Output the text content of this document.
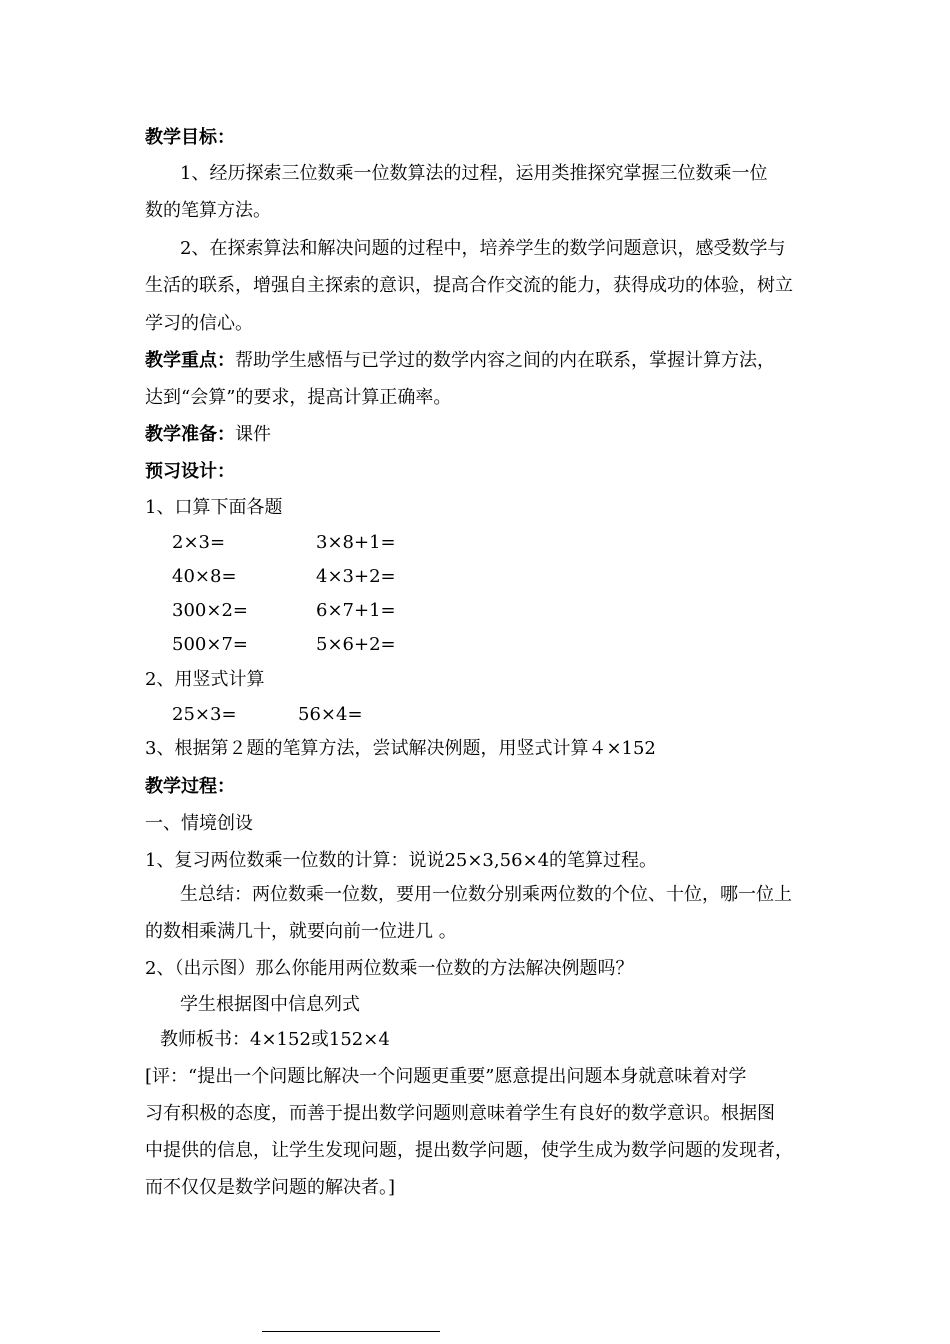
教学目标：
1、经历探索三位数乘一位数算法的过程，运用类推探究掌握三位数乘一位
数的笔算方法。
2、在探索算法和解决问题的过程中，培养学生的数学问题意识，感受数学与
生活的联系，增强自主探索的意识，提高合作交流的能力，获得成功的体验，树立
学习的信心。
教学重点：帮助学生感悟与已学过的数学内容之间的内在联系，掌握计算方法，
达到“会算”的要求，提高计算正确率。
教学准备：课件
预习设计：
1、口算下面各题
2×3=	3×8+1=
40×8=	4×3+2=
300×2=	6×7+1=
500×7=	5×6+2=
2、用竖式计算
25×3=	56×4=
3、根据第２题的笔算方法，尝试解决例题，用竖式计算４×152
教学过程：
一、情境创设
1、复习两位数乘一位数的计算：说说25×3,56×4的笔算过程。
生总结：两位数乘一位数，要用一位数分别乘两位数的个位、十位，哪一位上
的数相乘满几十，就要向前一位进几 。
2、（出示图）那么你能用两位数乘一位数的方法解决例题吗？
学生根据图中信息列式
教师板书：4×152或152×4
[评：“提出一个问题比解决一个问题更重要”愿意提出问题本身就意味着对学
习有积极的态度，而善于提出数学问题则意味着学生有良好的数学意识。根据图
中提供的信息，让学生发现问题，提出数学问题，使学生成为数学问题的发现者，
而不仅仅是数学问题的解决者。]
